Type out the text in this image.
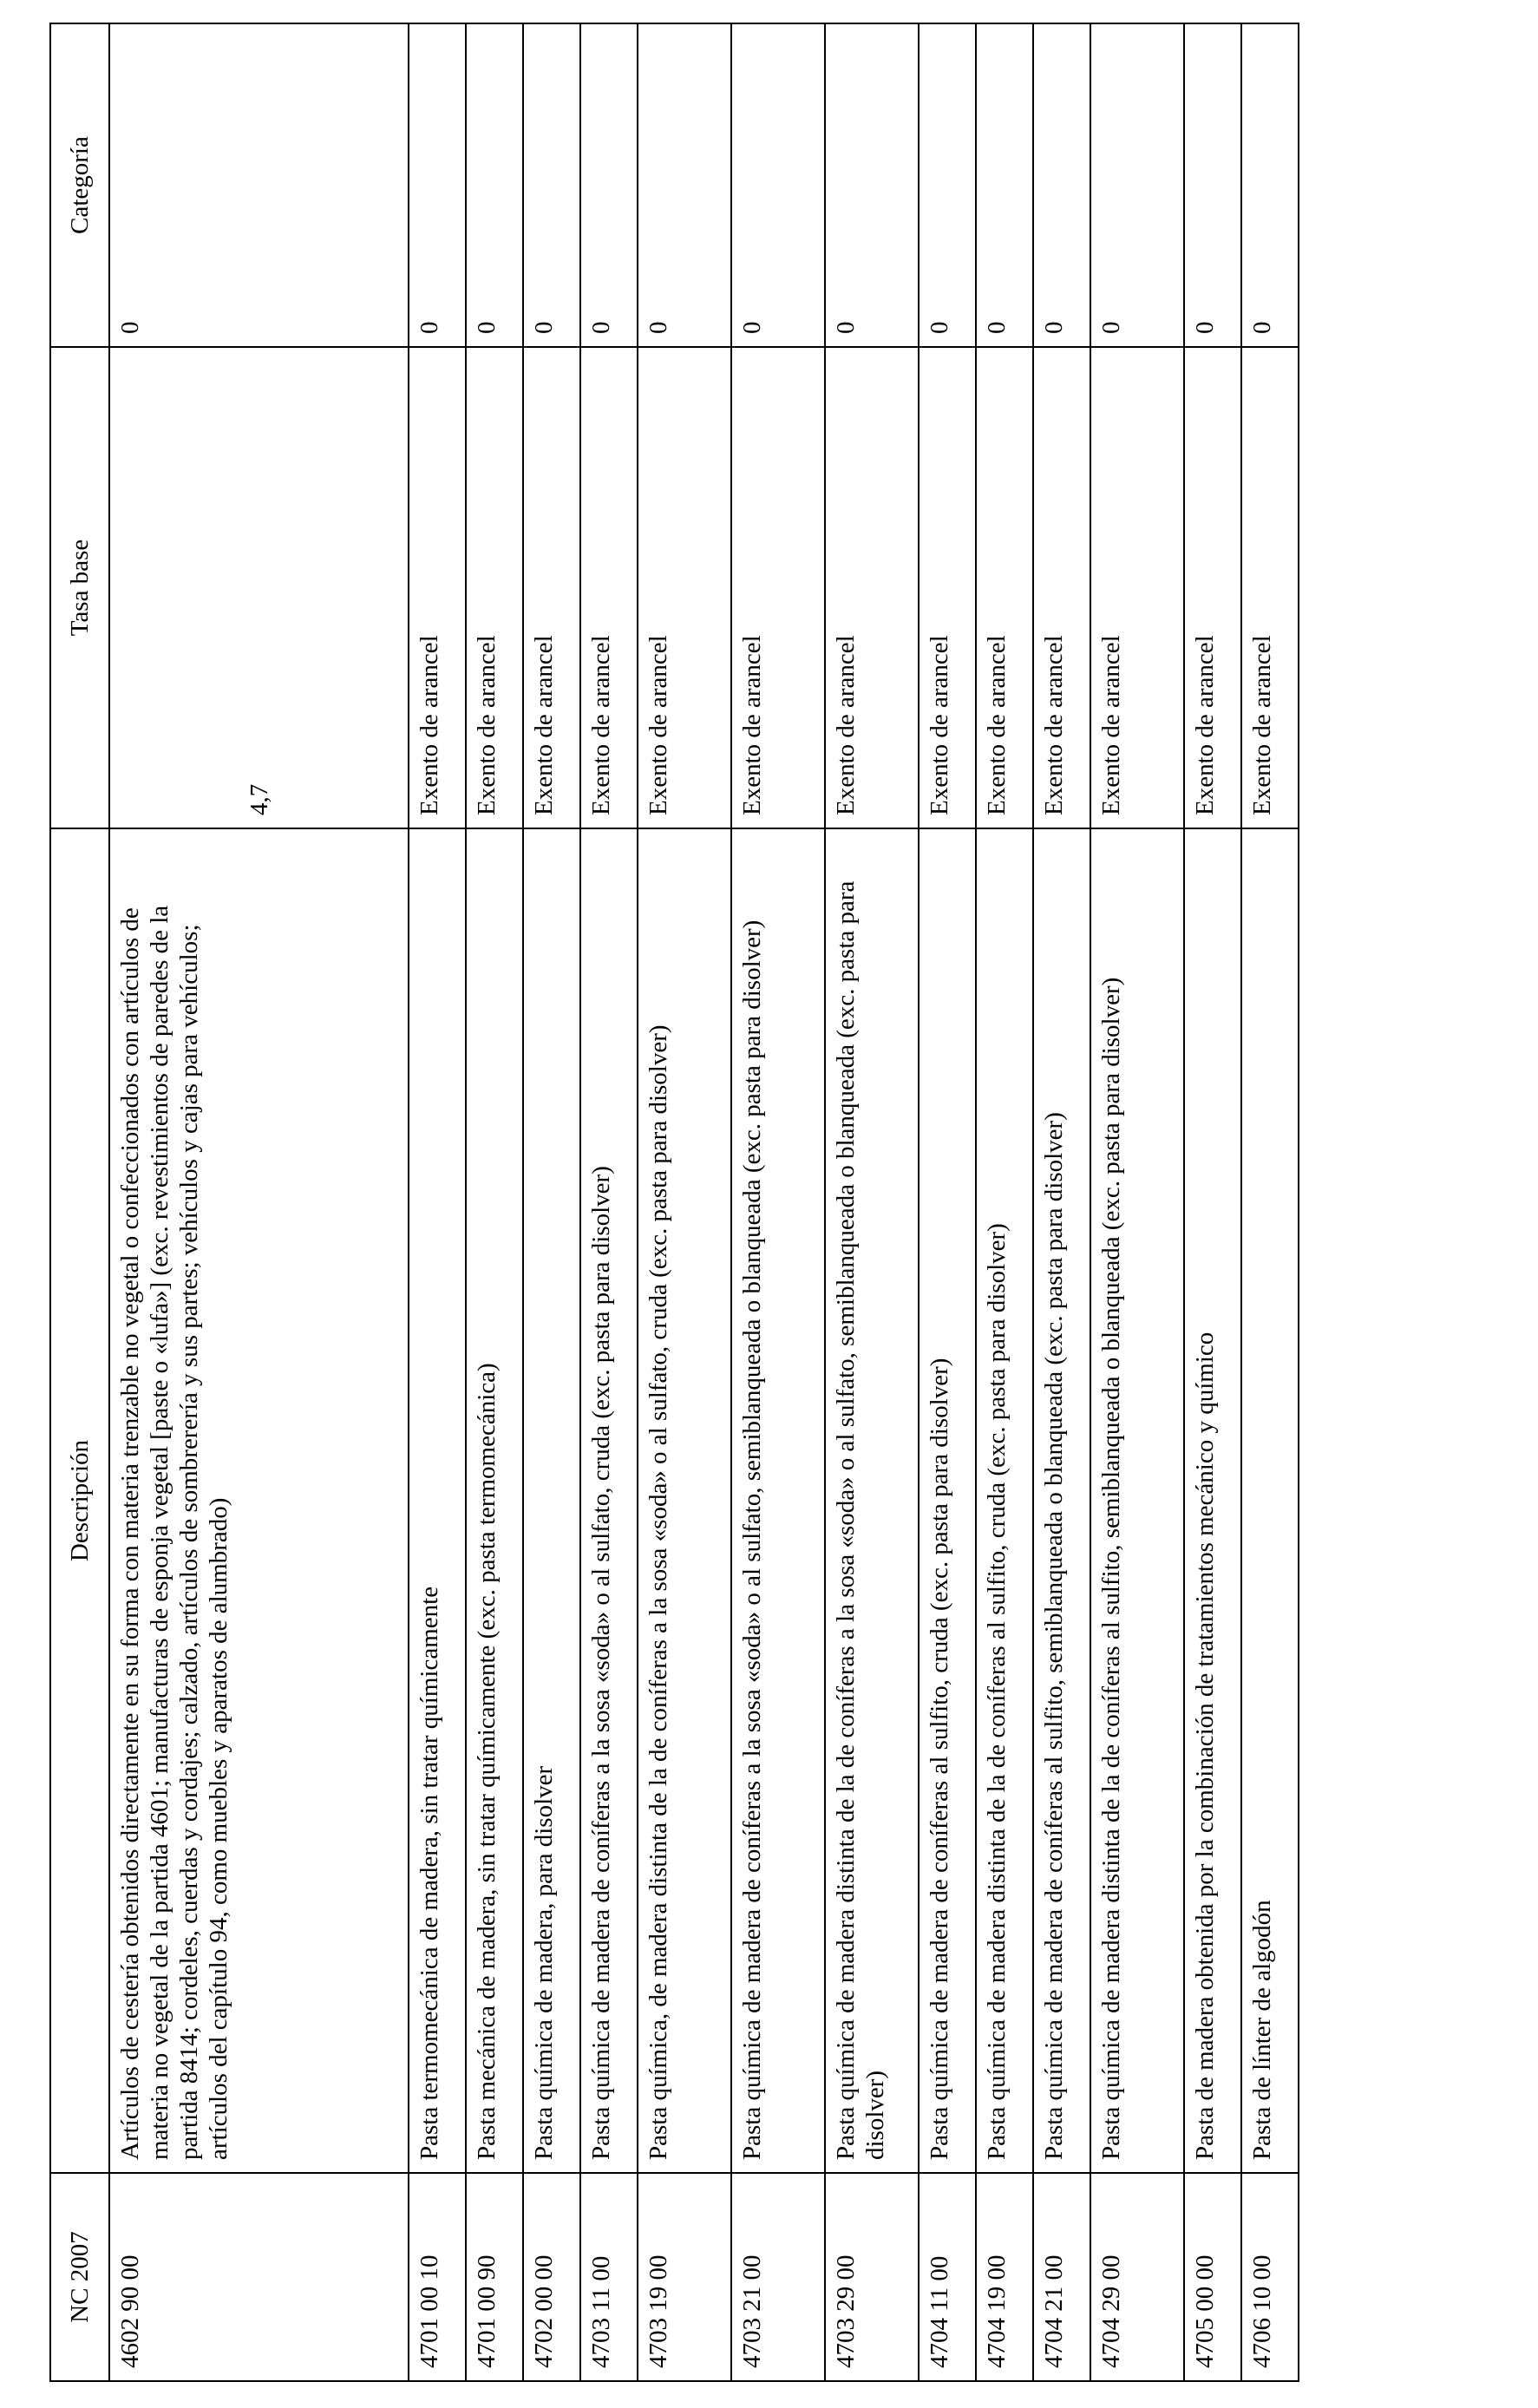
NC 2007	Descripción	Tasa base	Categoría
4602 90 00	Artículos de cestería obtenidos directamente en su forma con materia trenzable no vegetal o confeccionados con artículos de materia no vegetal de la partida 4601; manufacturas de esponja vegetal [paste o «lufa»] (exc. revestimientos de paredes de la partida 8414; cordeles, cuerdas y cordajes; calzado, artículos de sombrerería y sus partes; vehículos y cajas para vehículos; artículos del capítulo 94, como muebles y aparatos de alumbrado)	4,7	0
4701 00 10	Pasta termomecánica de madera, sin tratar químicamente	Exento de arancel	0
4701 00 90	Pasta mecánica de madera, sin tratar químicamente (exc. pasta termomecánica)	Exento de arancel	0
4702 00 00	Pasta química de madera, para disolver	Exento de arancel	0
4703 11 00	Pasta química de madera de coníferas a la sosa «soda» o al sulfato, cruda (exc. pasta para disolver)	Exento de arancel	0
4703 19 00	Pasta química, de madera distinta de la de coníferas a la sosa «soda» o al sulfato, cruda (exc. pasta para disolver)	Exento de arancel	0
4703 21 00	Pasta química de madera de coníferas a la sosa «soda» o al sulfato, semiblanqueada o blanqueada (exc. pasta para disolver)	Exento de arancel	0
4703 29 00	Pasta química de madera distinta de la de coníferas a la sosa «soda» o al sulfato, semiblanqueada o blanqueada (exc. pasta para disolver)	Exento de arancel	0
4704 11 00	Pasta química de madera de coníferas al sulfito, cruda (exc. pasta para disolver)	Exento de arancel	0
4704 19 00	Pasta química de madera distinta de la de coníferas al sulfito, cruda (exc. pasta para disolver)	Exento de arancel	0
4704 21 00	Pasta química de madera de coníferas al sulfito, semiblanqueada o blanqueada (exc. pasta para disolver)	Exento de arancel	0
4704 29 00	Pasta química de madera distinta de la de coníferas al sulfito, semiblanqueada o blanqueada (exc. pasta para disolver)	Exento de arancel	0
4705 00 00	Pasta de madera obtenida por la combinación de tratamientos mecánico y químico	Exento de arancel	0
4706 10 00	Pasta de línter de algodón	Exento de arancel	0
